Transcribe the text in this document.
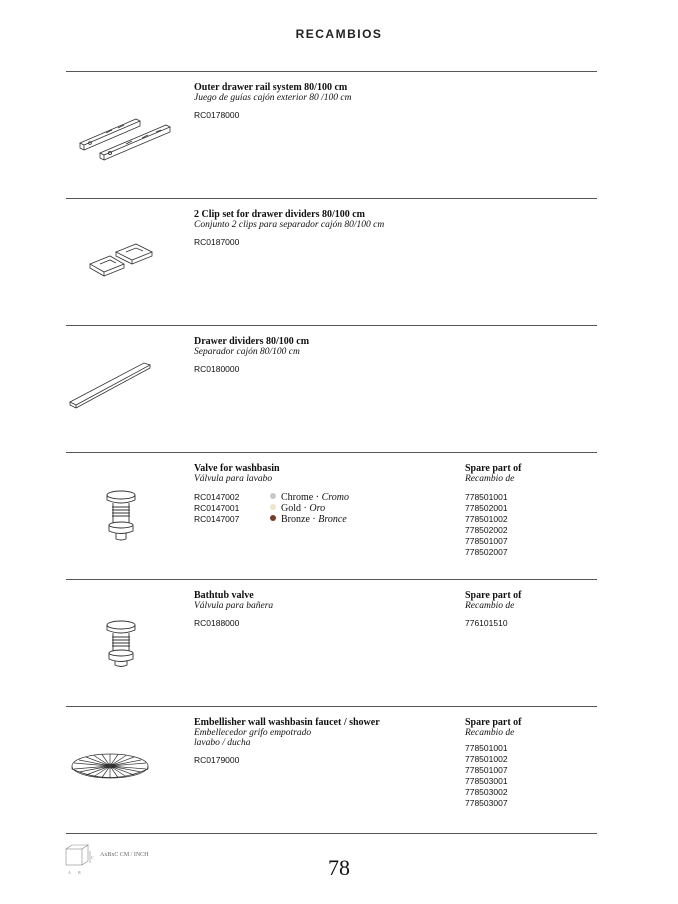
RECAMBIOS
Outer drawer rail system 80/100 cm
Juego de guías cajón exterior 80 /100 cm
RC0178000
2 Clip set for drawer dividers 80/100 cm
Conjunto 2 clips para separador cajón 80/100 cm
RC0187000
Drawer dividers 80/100 cm
Separador cajón 80/100 cm
RC0180000
Valve for washbasin
Válvula para lavabo
RC0147002
RC0147001
RC0147007
Chrome · Cromo
Gold · Oro
Bronze · Bronce
Spare part of
Recambio de
778501001
778502001
778501002
778502002
778501007
778502007
Bathtub valve
Válvula para bañera
RC0188000
Spare part of
Recambio de
776101510
Embellisher wall washbasin faucet / shower
Embellecedor grifo empotrado
lavabo / ducha
RC0179000
Spare part of
Recambio de
778501001
778501002
778501007
778503001
778503002
778503007
A B
C AxBxC CM / INCH	78
